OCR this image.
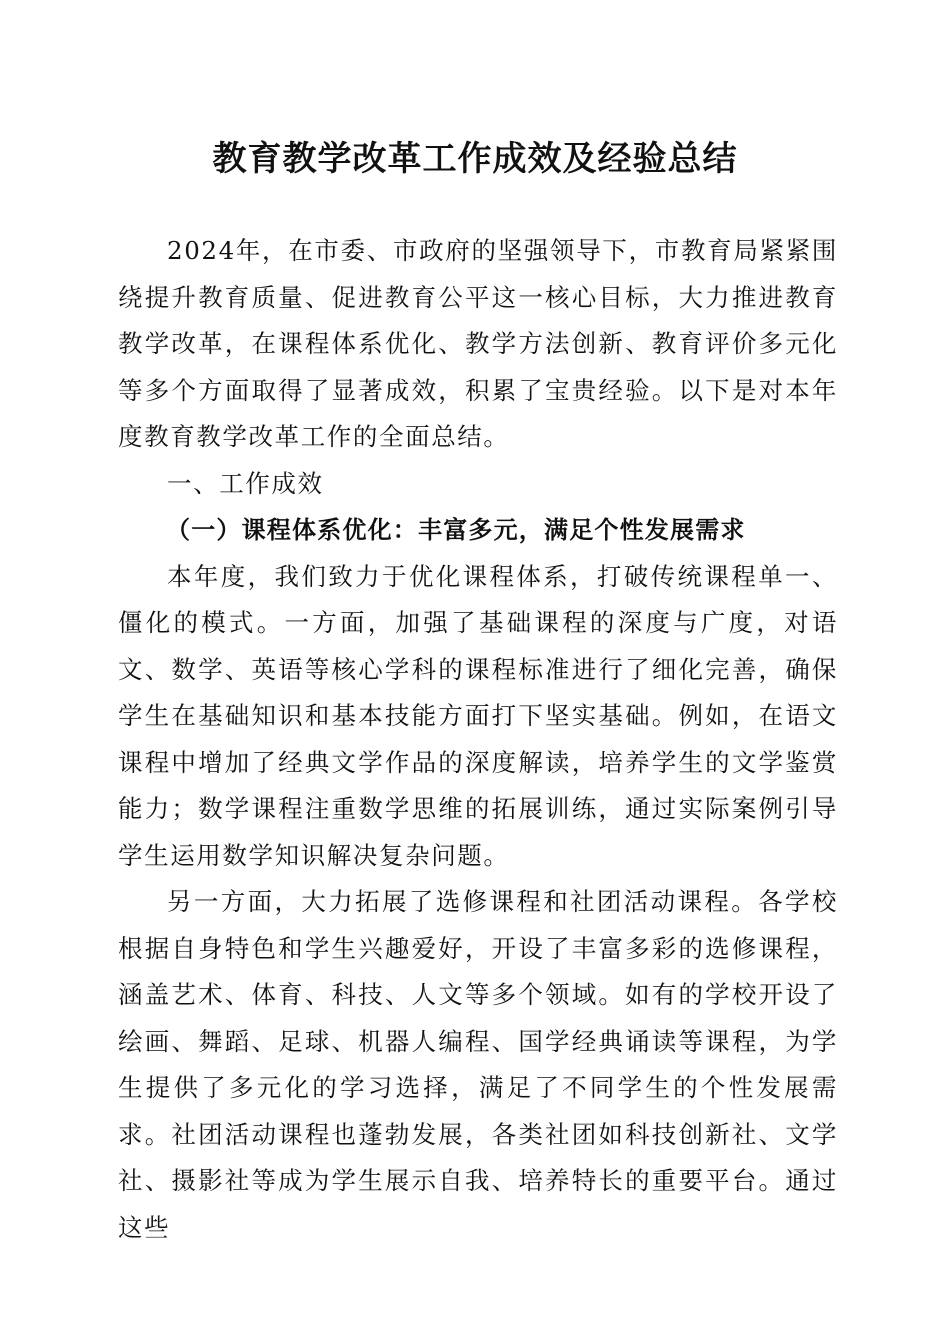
教育教学改革工作成效及经验总结

2024年，在市委、市政府的坚强领导下，市教育局紧紧围绕提升教育质量、促进教育公平这一核心目标，大力推进教育教学改革，在课程体系优化、教学方法创新、教育评价多元化等多个方面取得了显著成效，积累了宝贵经验。以下是对本年度教育教学改革工作的全面总结。

一、工作成效
（一）课程体系优化：丰富多元，满足个性发展需求

本年度，我们致力于优化课程体系，打破传统课程单一、僵化的模式。一方面，加强了基础课程的深度与广度，对语文、数学、英语等核心学科的课程标准进行了细化完善，确保学生在基础知识和基本技能方面打下坚实基础。例如，在语文课程中增加了经典文学作品的深度解读，培养学生的文学鉴赏能力；数学课程注重数学思维的拓展训练，通过实际案例引导学生运用数学知识解决复杂问题。

另一方面，大力拓展了选修课程和社团活动课程。各学校根据自身特色和学生兴趣爱好，开设了丰富多彩的选修课程，涵盖艺术、体育、科技、人文等多个领域。如有的学校开设了绘画、舞蹈、足球、机器人编程、国学经典诵读等课程，为学生提供了多元化的学习选择，满足了不同学生的个性发展需求。社团活动课程也蓬勃发展，各类社团如科技创新社、文学社、摄影社等成为学生展示自我、培养特长的重要平台。通过这些
